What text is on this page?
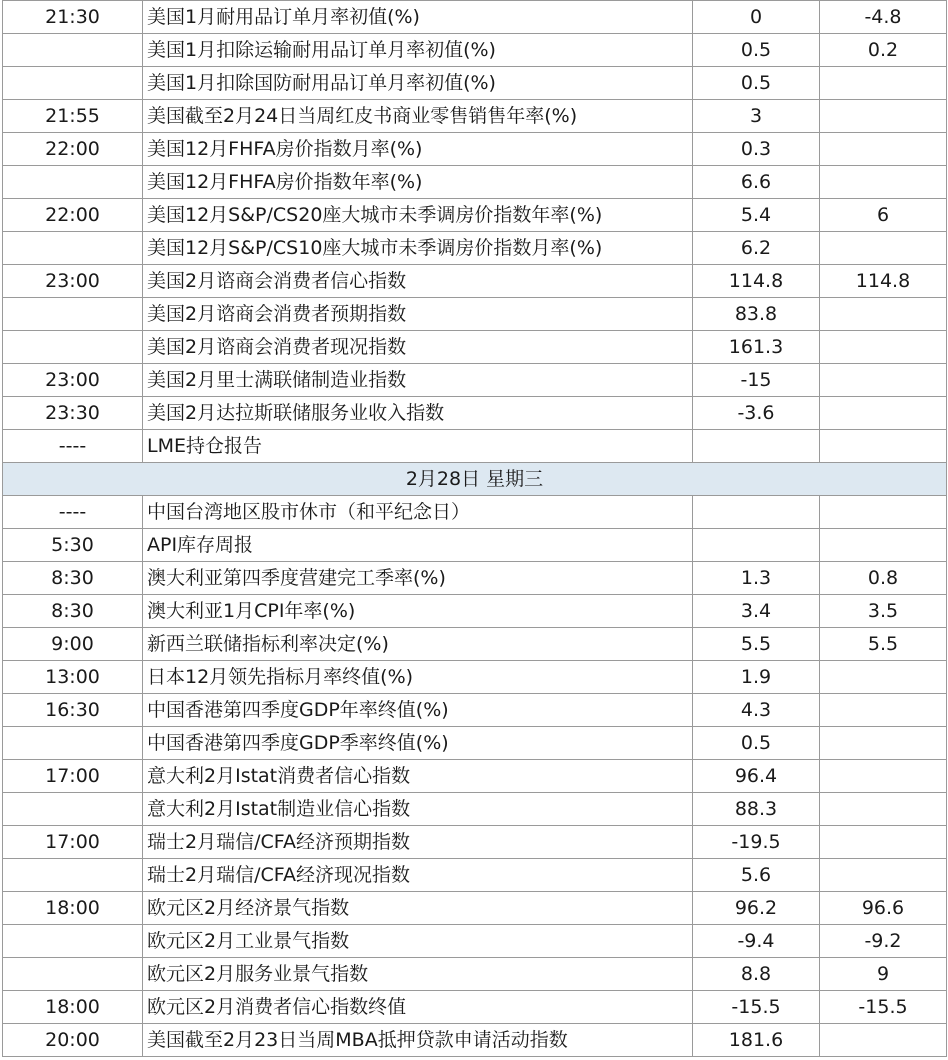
21:30	美国1月耐用品订单月率初值(%)	0	-4.8
	美国1月扣除运输耐用品订单月率初值(%)	0.5	0.2
	美国1月扣除国防耐用品订单月率初值(%)	0.5	
21:55	美国截至2月24日当周红皮书商业零售销售年率(%)	3	
22:00	美国12月FHFA房价指数月率(%)	0.3	
	美国12月FHFA房价指数年率(%)	6.6	
22:00	美国12月S&P/CS20座大城市未季调房价指数年率(%)	5.4	6
	美国12月S&P/CS10座大城市未季调房价指数月率(%)	6.2	
23:00	美国2月谘商会消费者信心指数	114.8	114.8
	美国2月谘商会消费者预期指数	83.8	
	美国2月谘商会消费者现况指数	161.3	
23:00	美国2月里士满联储制造业指数	-15	
23:30	美国2月达拉斯联储服务业收入指数	-3.6	
----	LME持仓报告		
2月28日 星期三			
----	中国台湾地区股市休市（和平纪念日）		
5:30	API库存周报		
8:30	澳大利亚第四季度营建完工季率(%)	1.3	0.8
8:30	澳大利亚1月CPI年率(%)	3.4	3.5
9:00	新西兰联储指标利率决定(%)	5.5	5.5
13:00	日本12月领先指标月率终值(%)	1.9	
16:30	中国香港第四季度GDP年率终值(%)	4.3	
	中国香港第四季度GDP季率终值(%)	0.5	
17:00	意大利2月Istat消费者信心指数	96.4	
	意大利2月Istat制造业信心指数	88.3	
17:00	瑞士2月瑞信/CFA经济预期指数	-19.5	
	瑞士2月瑞信/CFA经济现况指数	5.6	
18:00	欧元区2月经济景气指数	96.2	96.6
	欧元区2月工业景气指数	-9.4	-9.2
	欧元区2月服务业景气指数	8.8	9
18:00	欧元区2月消费者信心指数终值	-15.5	-15.5
20:00	美国截至2月23日当周MBA抵押贷款申请活动指数	181.6	
